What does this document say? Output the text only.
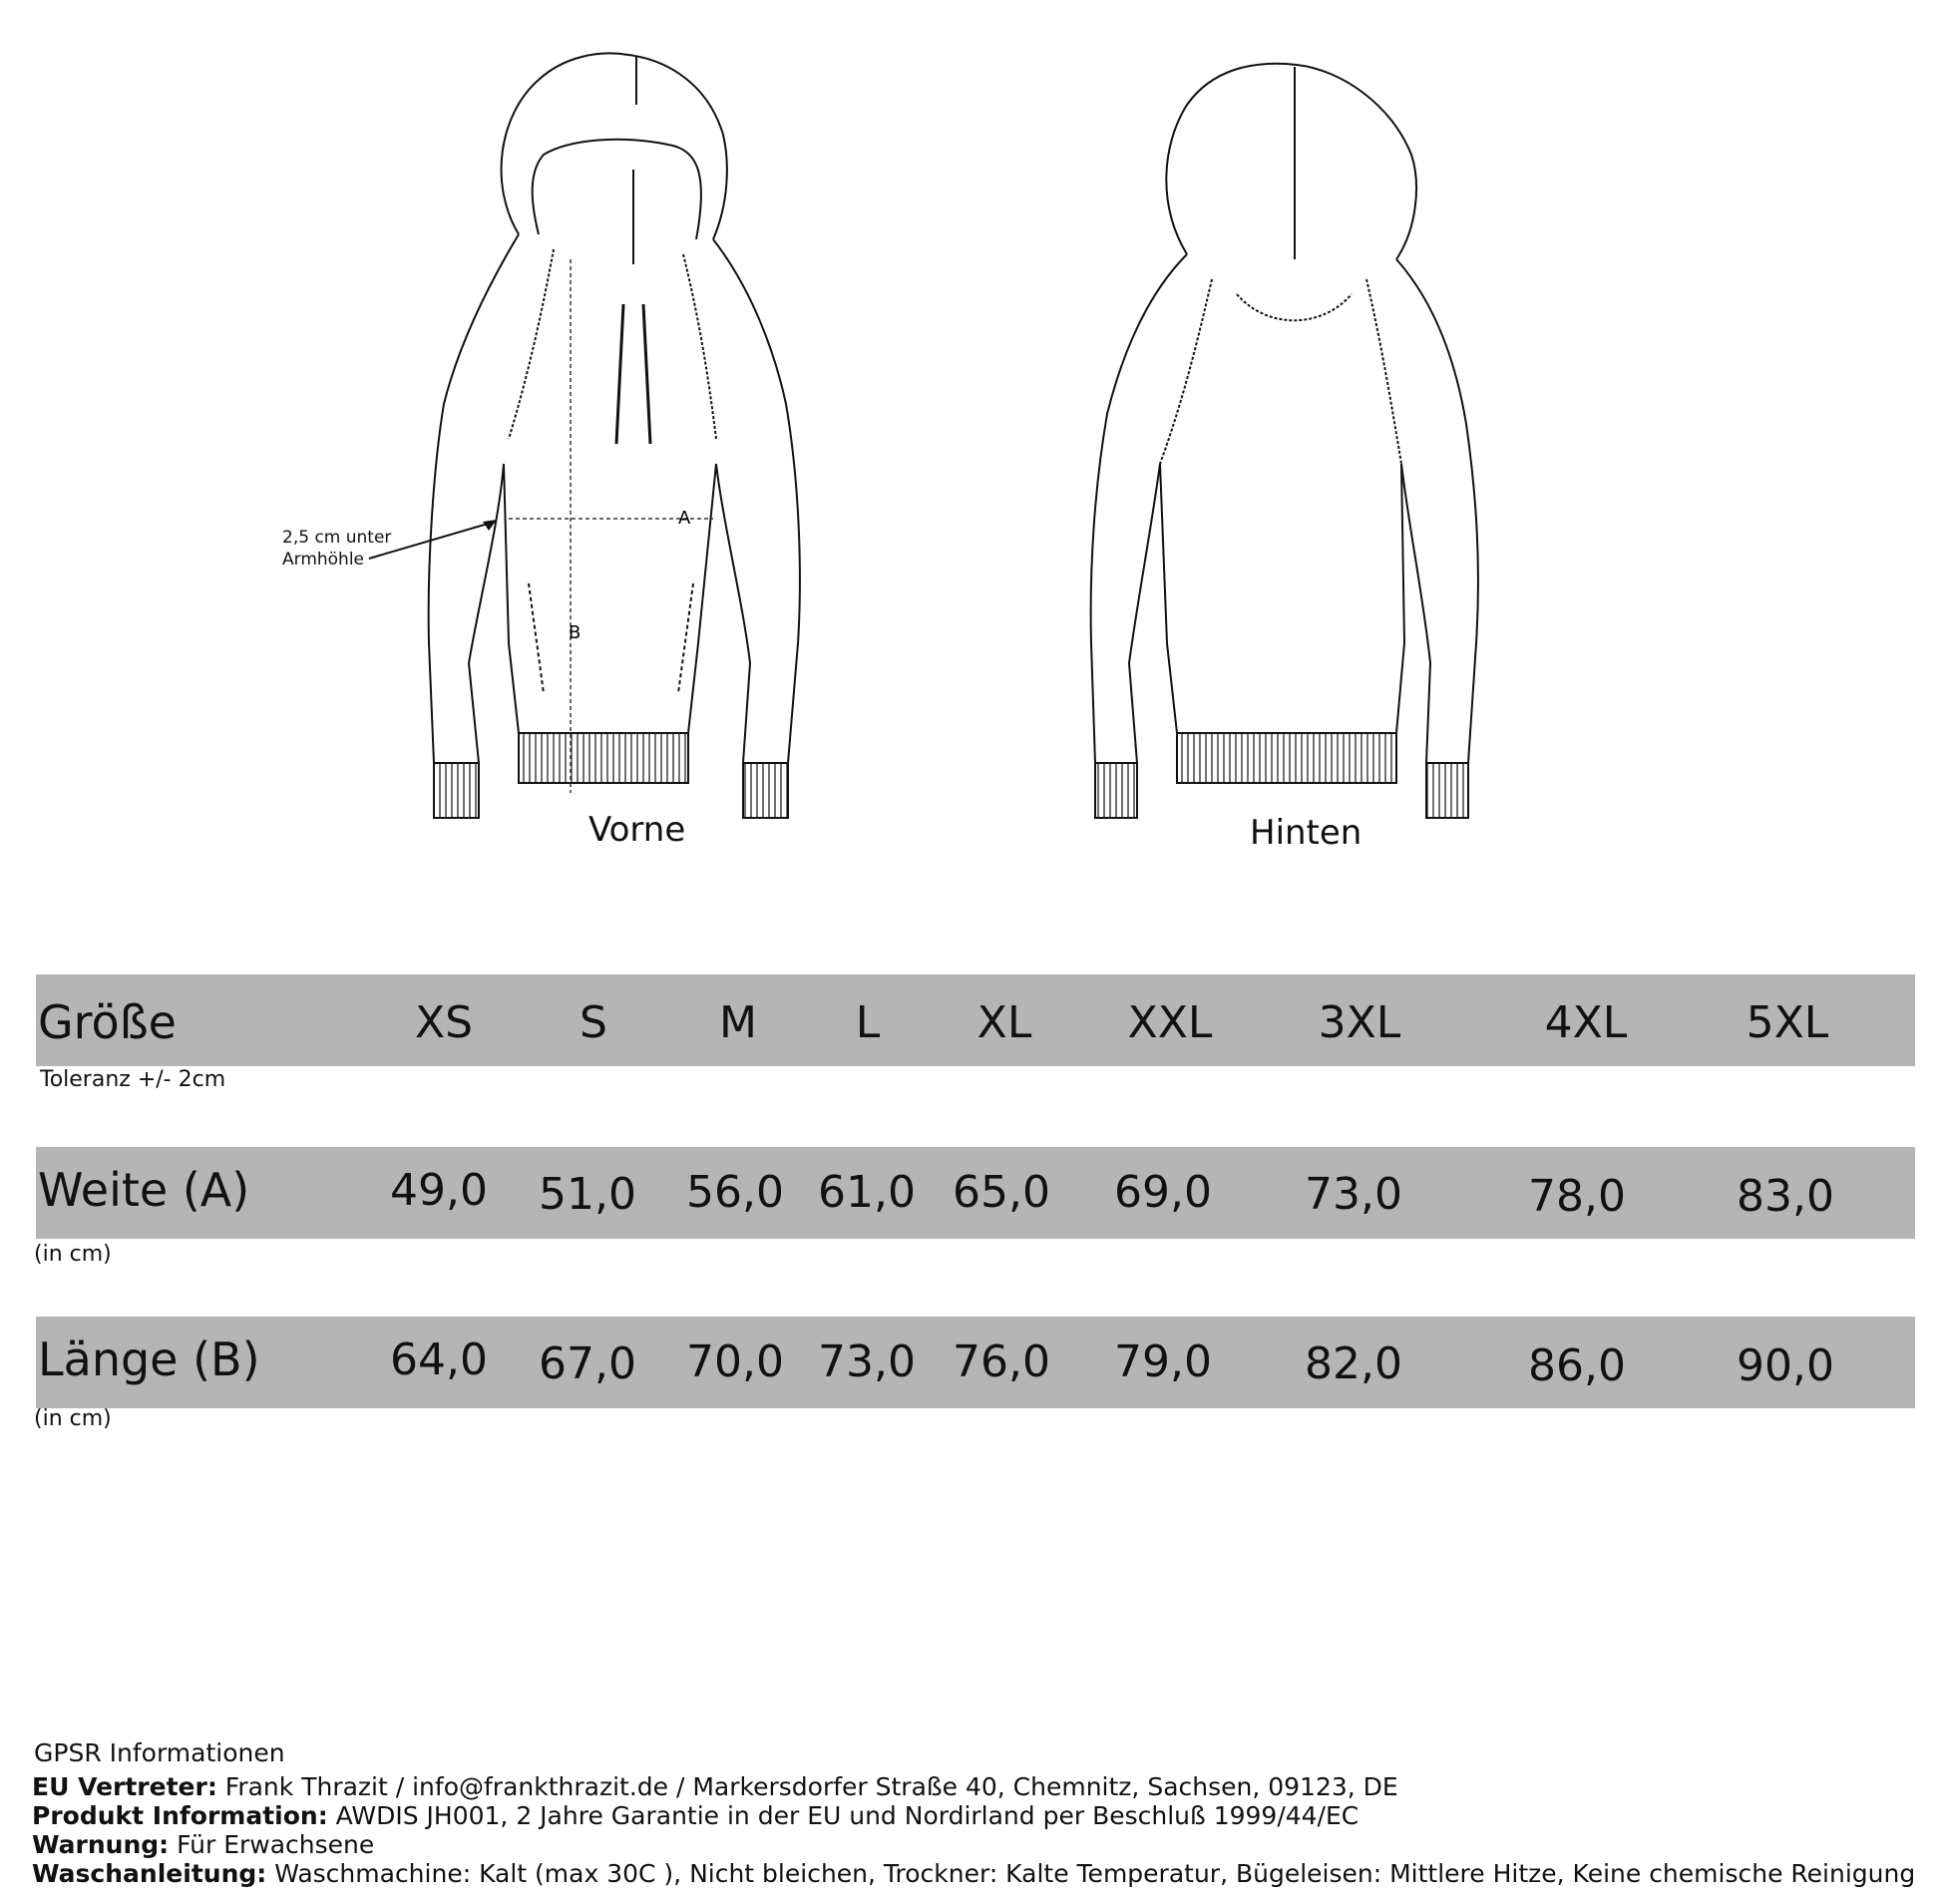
A
B
2,5 cm unter
Armhöhle
Vorne	Hinten
Größe
Toleranz +/- 2cm
XS	S	M	L	XL	XXL	3XL	4XL	5XL
Weite (A)
(in cm)
49,0	51,0	56,0 61,0 65,0	69,0	73,0	78,0	83,0
Länge (B)
(in cm)
64,0	67,0	70,0 73,0 76,0	79,0	82,0	86,0	90,0
GPSR Informationen
EU Vertreter: Frank Thrazit / info@frankthrazit.de / Markersdorfer Straße 40, Chemnitz, Sachsen, 09123, DE
Produkt Information: AWDIS JH001, 2 Jahre Garantie in der EU und Nordirland per Beschluß 1999/44/EC
Warnung: Für Erwachsene
Waschanleitung: Waschmachine: Kalt (max 30C ), Nicht bleichen, Trockner: Kalte Temperatur, Bügeleisen: Mittlere Hitze, Keine chemische Reinigung
